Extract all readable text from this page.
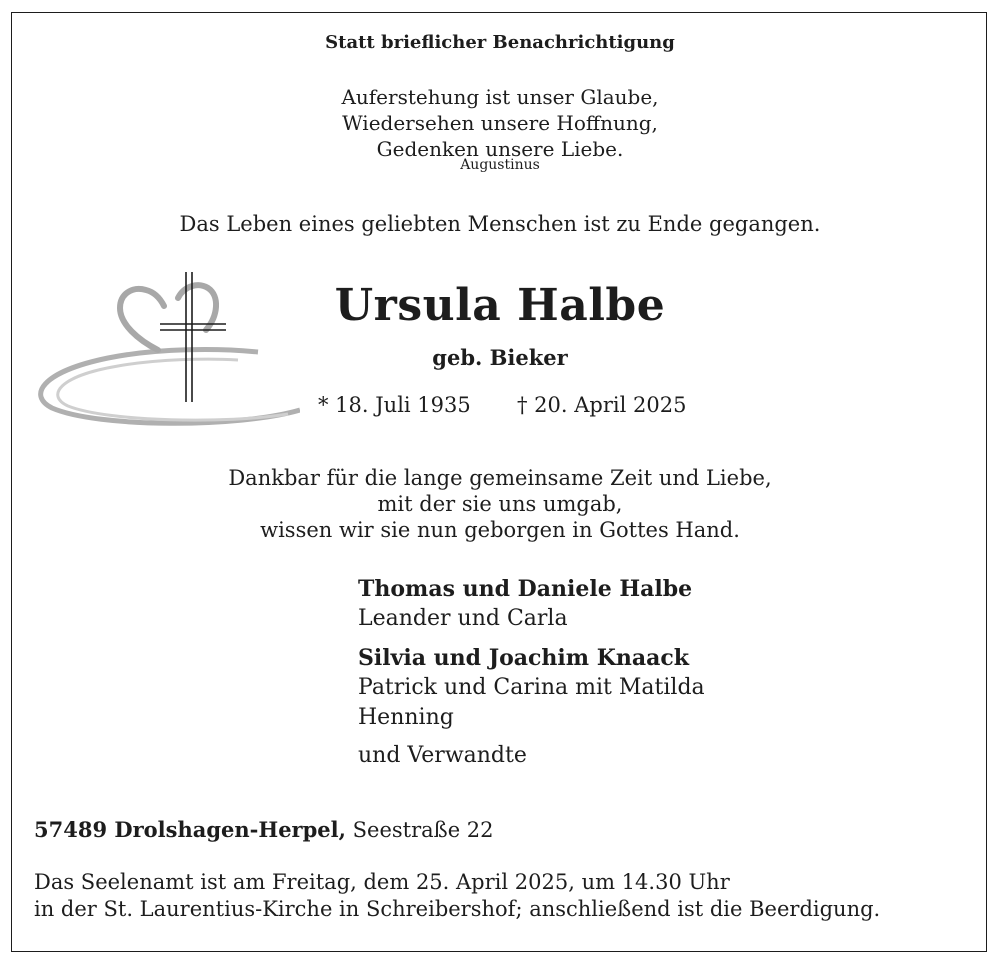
Statt brieflicher Benachrichtigung
Auferstehung ist unser Glaube,
Wiedersehen unsere Hoffnung,
Gedenken unsere Liebe.
Augustinus
Das Leben eines geliebten Menschen ist zu Ende gegangen.
Ursula Halbe
geb. Bieker
* 18. Juli 1935 † 20. April 2025
Dankbar für die lange gemeinsame Zeit und Liebe,
mit der sie uns umgab,
wissen wir sie nun geborgen in Gottes Hand.
Thomas und Daniele Halbe
Leander und Carla
Silvia und Joachim Knaack
Patrick und Carina mit Matilda
Henning
und Verwandte
57489 Drolshagen-Herpel, Seestraße 22
Das Seelenamt ist am Freitag, dem 25. April 2025, um 14.30 Uhr
in der St. Laurentius-Kirche in Schreibershof; anschließend ist die Beerdigung.
